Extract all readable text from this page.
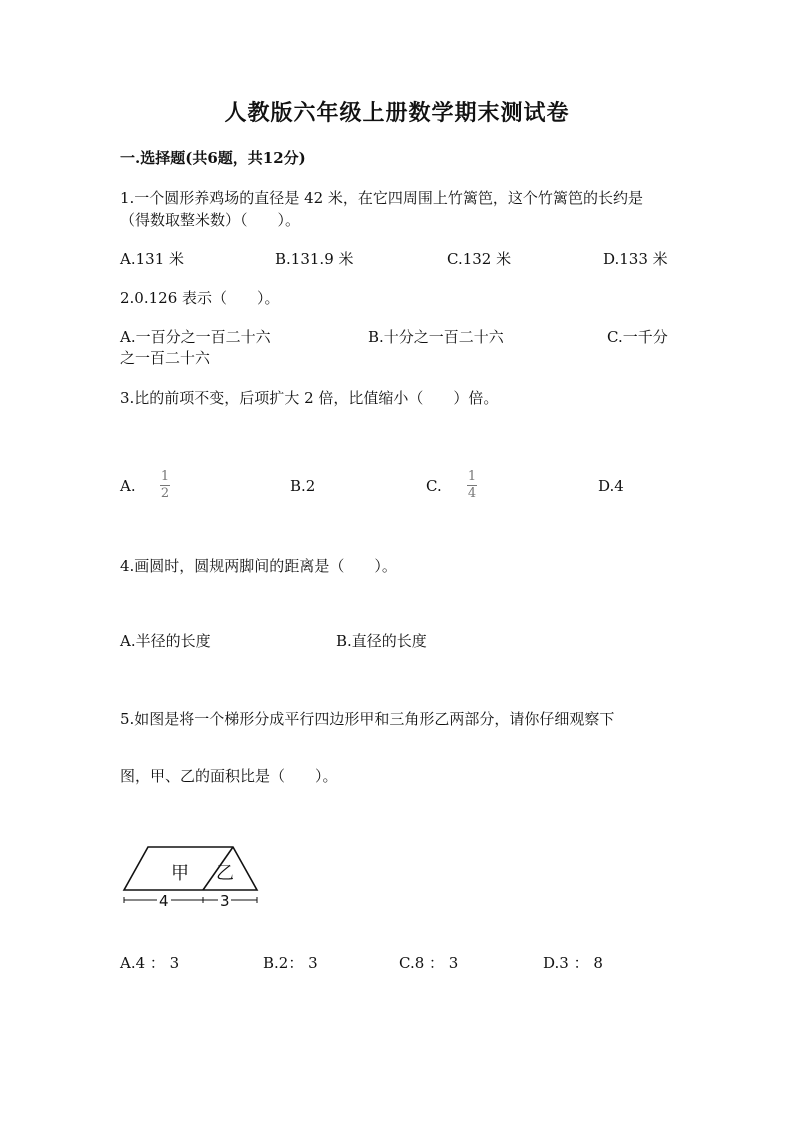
人教版六年级上册数学期末测试卷
一.选择题(共6题，共12分)
1.一个圆形养鸡场的直径是 42 米，在它四周围上竹篱笆，这个竹篱笆的长约是
（得数取整米数）（　　）。
A.131 米	B.131.9 米	C.132 米	D.133 米
2.0.126 表示（　　）。
A.一百分之一百二十六	B.十分之一百二十六	C.一千分
之一百二十六
3.比的前项不变，后项扩大 2 倍，比值缩小（　　）倍。
A.
1
2	B.2	C.
1
4	D.4
4.画圆时，圆规两脚间的距离是（　　）。
A.半径的长度	B.直径的长度
5.如图是将一个梯形分成平行四边形甲和三角形乙两部分，请你仔细观察下
图，甲、乙的面积比是（　　）。
甲 乙
4	3
A.4 ： 3	B.2： 3	C.8 ： 3	D.3 ： 8
